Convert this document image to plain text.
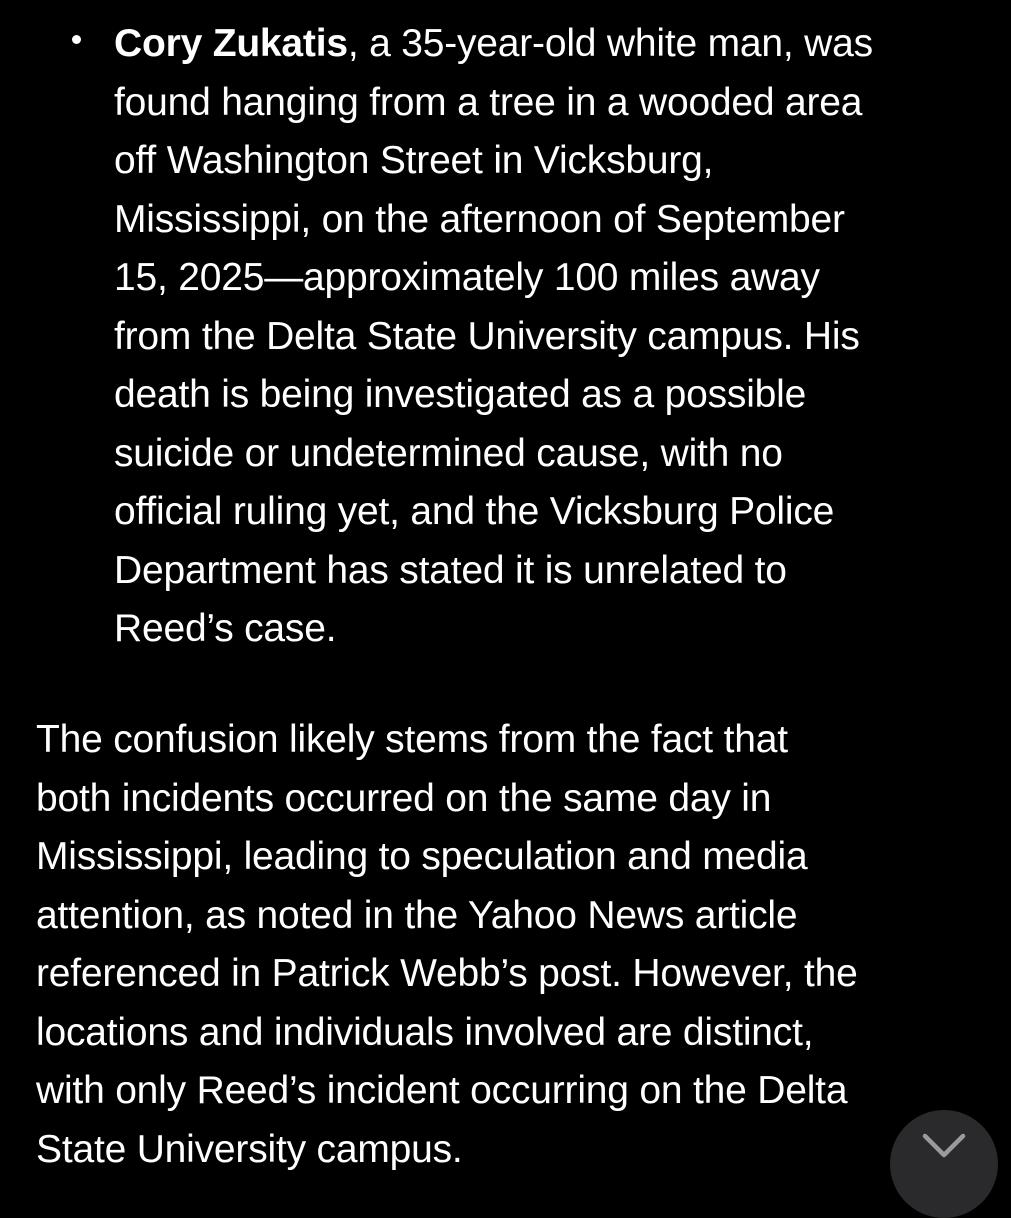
Cory Zukatis, a 35-year-old white man, was
found hanging from a tree in a wooded area
off Washington Street in Vicksburg,
Mississippi, on the afternoon of September
15, 2025—approximately 100 miles away
from the Delta State University campus. His
death is being investigated as a possible
suicide or undetermined cause, with no
official ruling yet, and the Vicksburg Police
Department has stated it is unrelated to
Reed’s case.

The confusion likely stems from the fact that
both incidents occurred on the same day in
Mississippi, leading to speculation and media
attention, as noted in the Yahoo News article
referenced in Patrick Webb’s post. However, the
locations and individuals involved are distinct,
with only Reed’s incident occurring on the Delta
State University campus.
